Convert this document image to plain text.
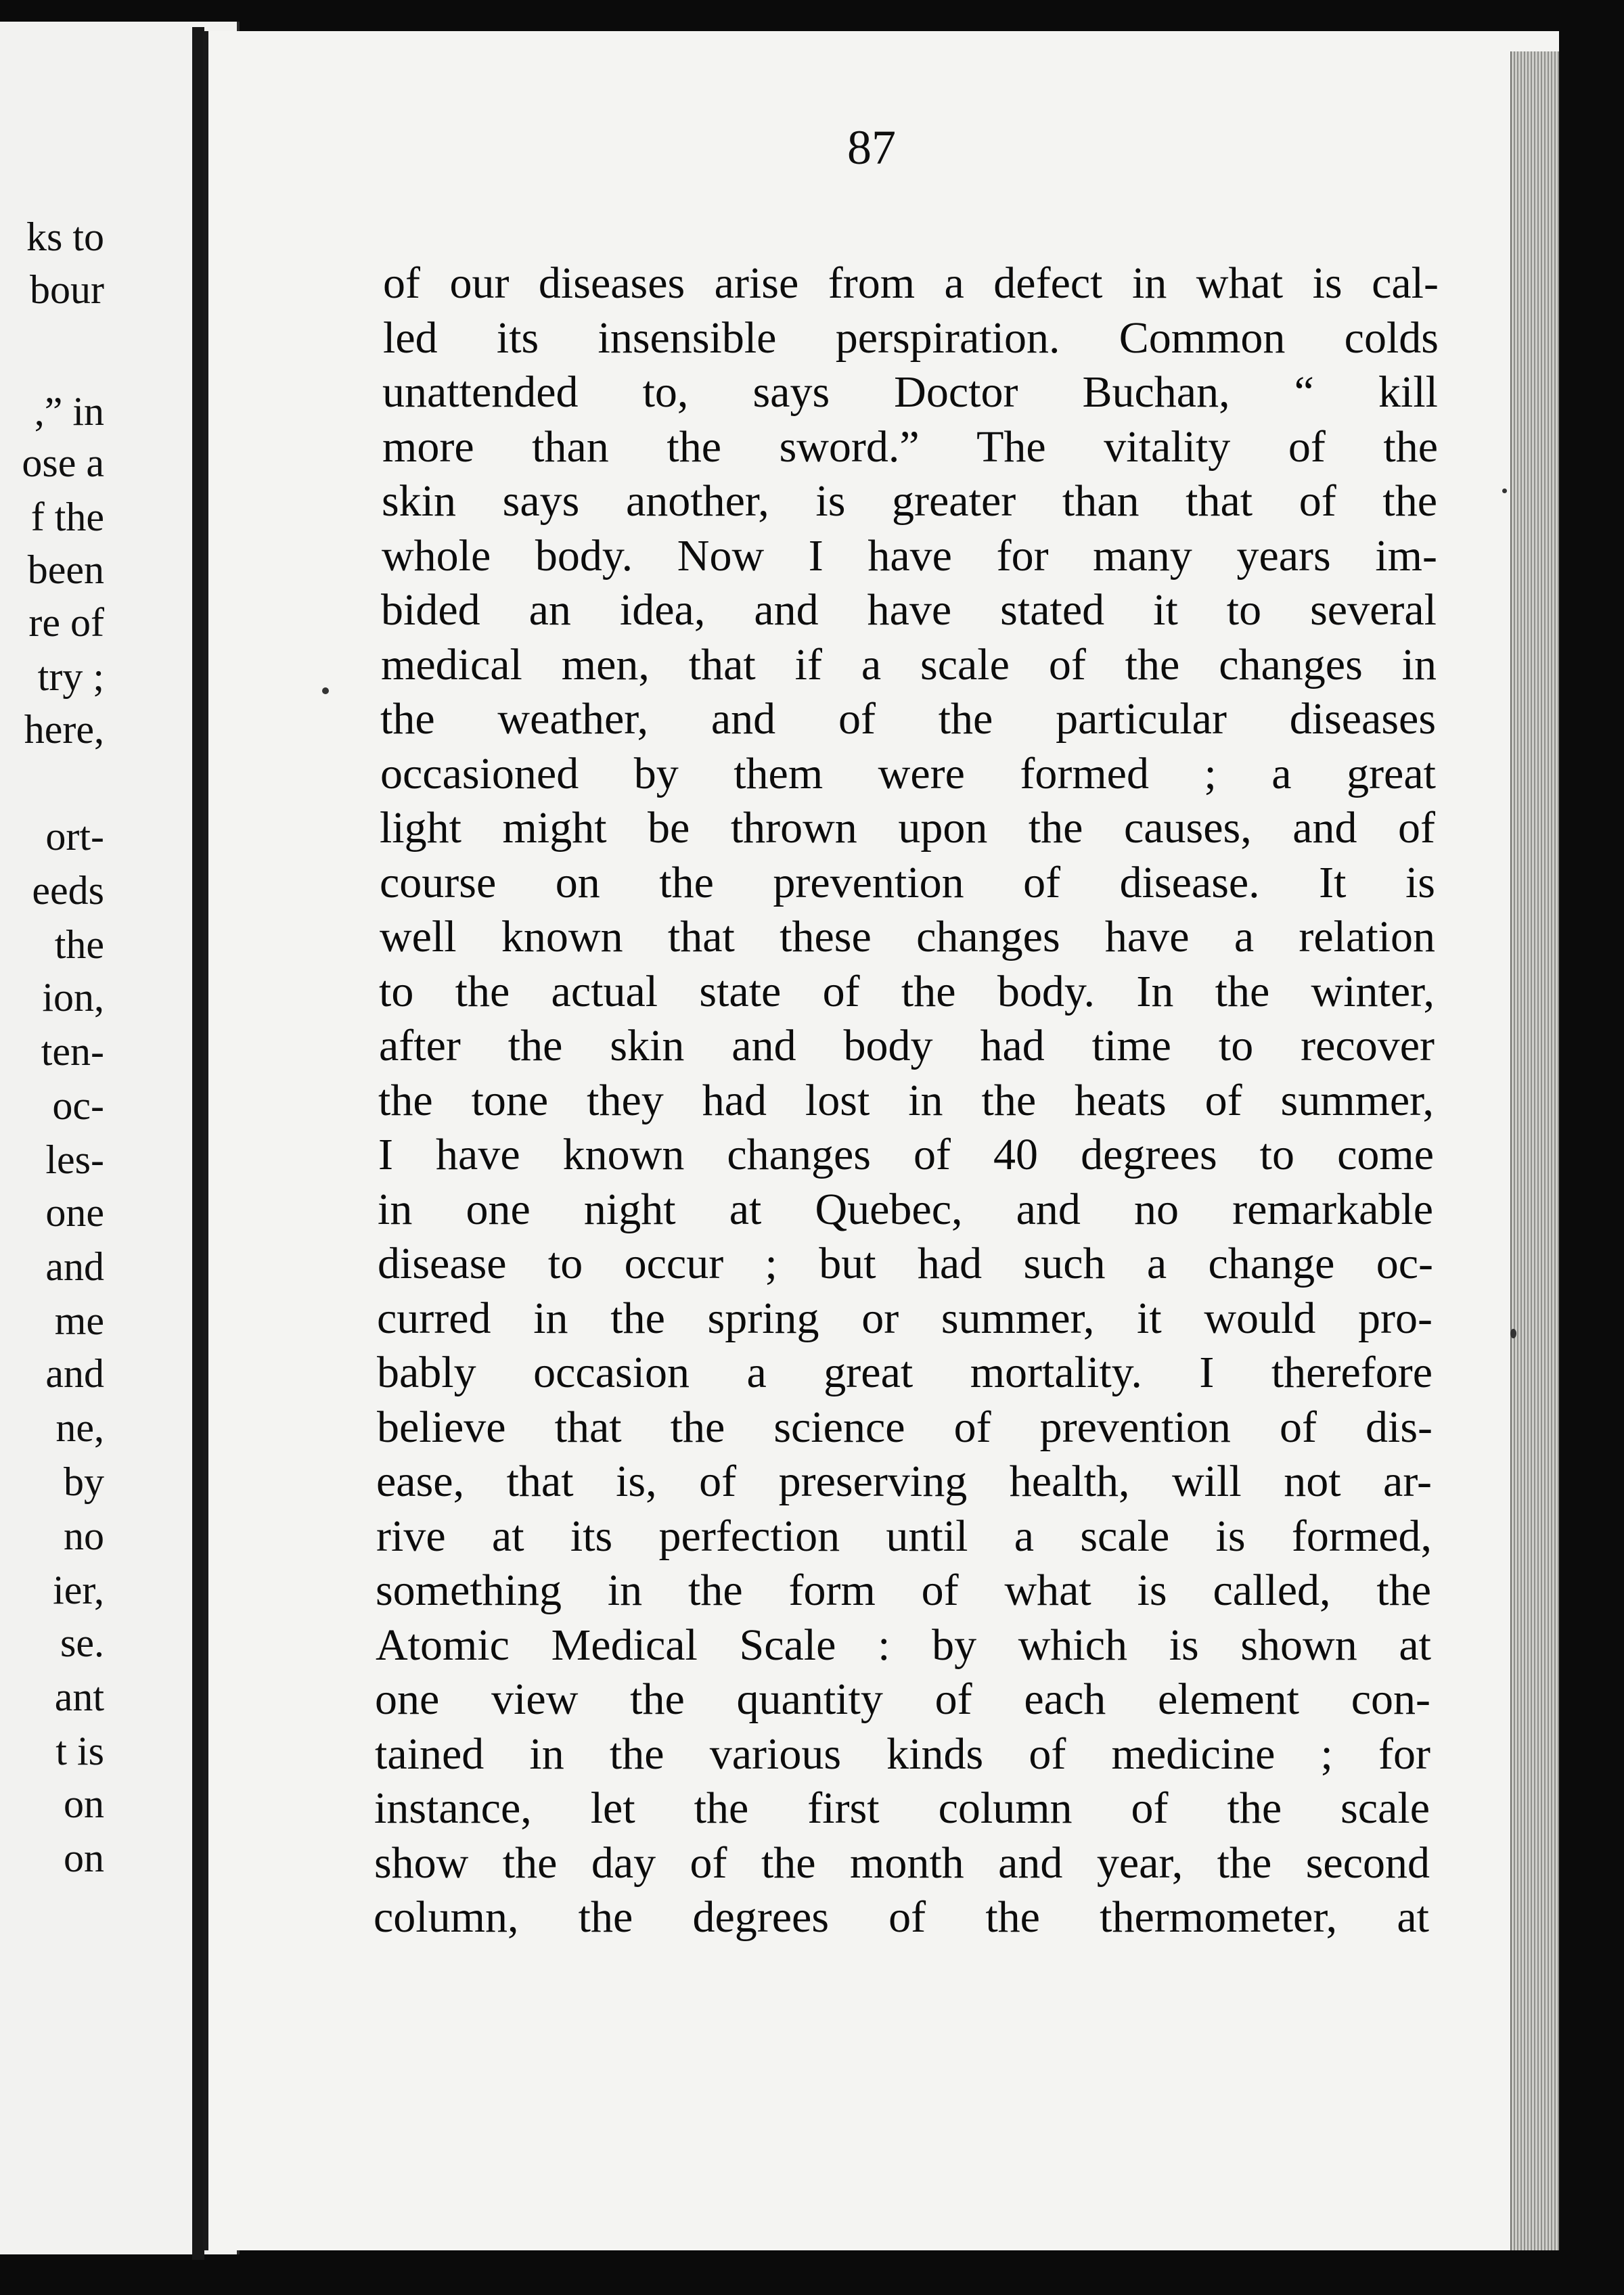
ks to
bour
,” in
ose a
f the
been
re of
try ;
here,
ort-
eeds
the
ion,
ten-
oc-
les-
one
and
me
and
ne,
by
no
ier,
se.
ant
t is
on
on
87
of our diseases arise from a defect in what is cal-
led its insensible perspiration. Common colds
unattended to, says Doctor Buchan, “ kill
more than the sword.” The vitality of the
skin says another, is greater than that of the
whole body. Now I have for many years im-
bided an idea, and have stated it to several
medical men, that if a scale of the changes in
the weather, and of the particular diseases
occasioned by them were formed ; a great
light might be thrown upon the causes, and of
course on the prevention of disease. It is
well known that these changes have a relation
to the actual state of the body. In the winter,
after the skin and body had time to recover
the tone they had lost in the heats of summer,
I have known changes of 40 degrees to come
in one night at Quebec, and no remarkable
disease to occur ; but had such a change oc-
curred in the spring or summer, it would pro-
bably occasion a great mortality. I therefore
believe that the science of prevention of dis-
ease, that is, of preserving health, will not ar-
rive at its perfection until a scale is formed,
something in the form of what is called, the
Atomic Medical Scale : by which is shown at
one view the quantity of each element con-
tained in the various kinds of medicine ; for
instance, let the first column of the scale
show the day of the month and year, the second
column, the degrees of the thermometer, at
